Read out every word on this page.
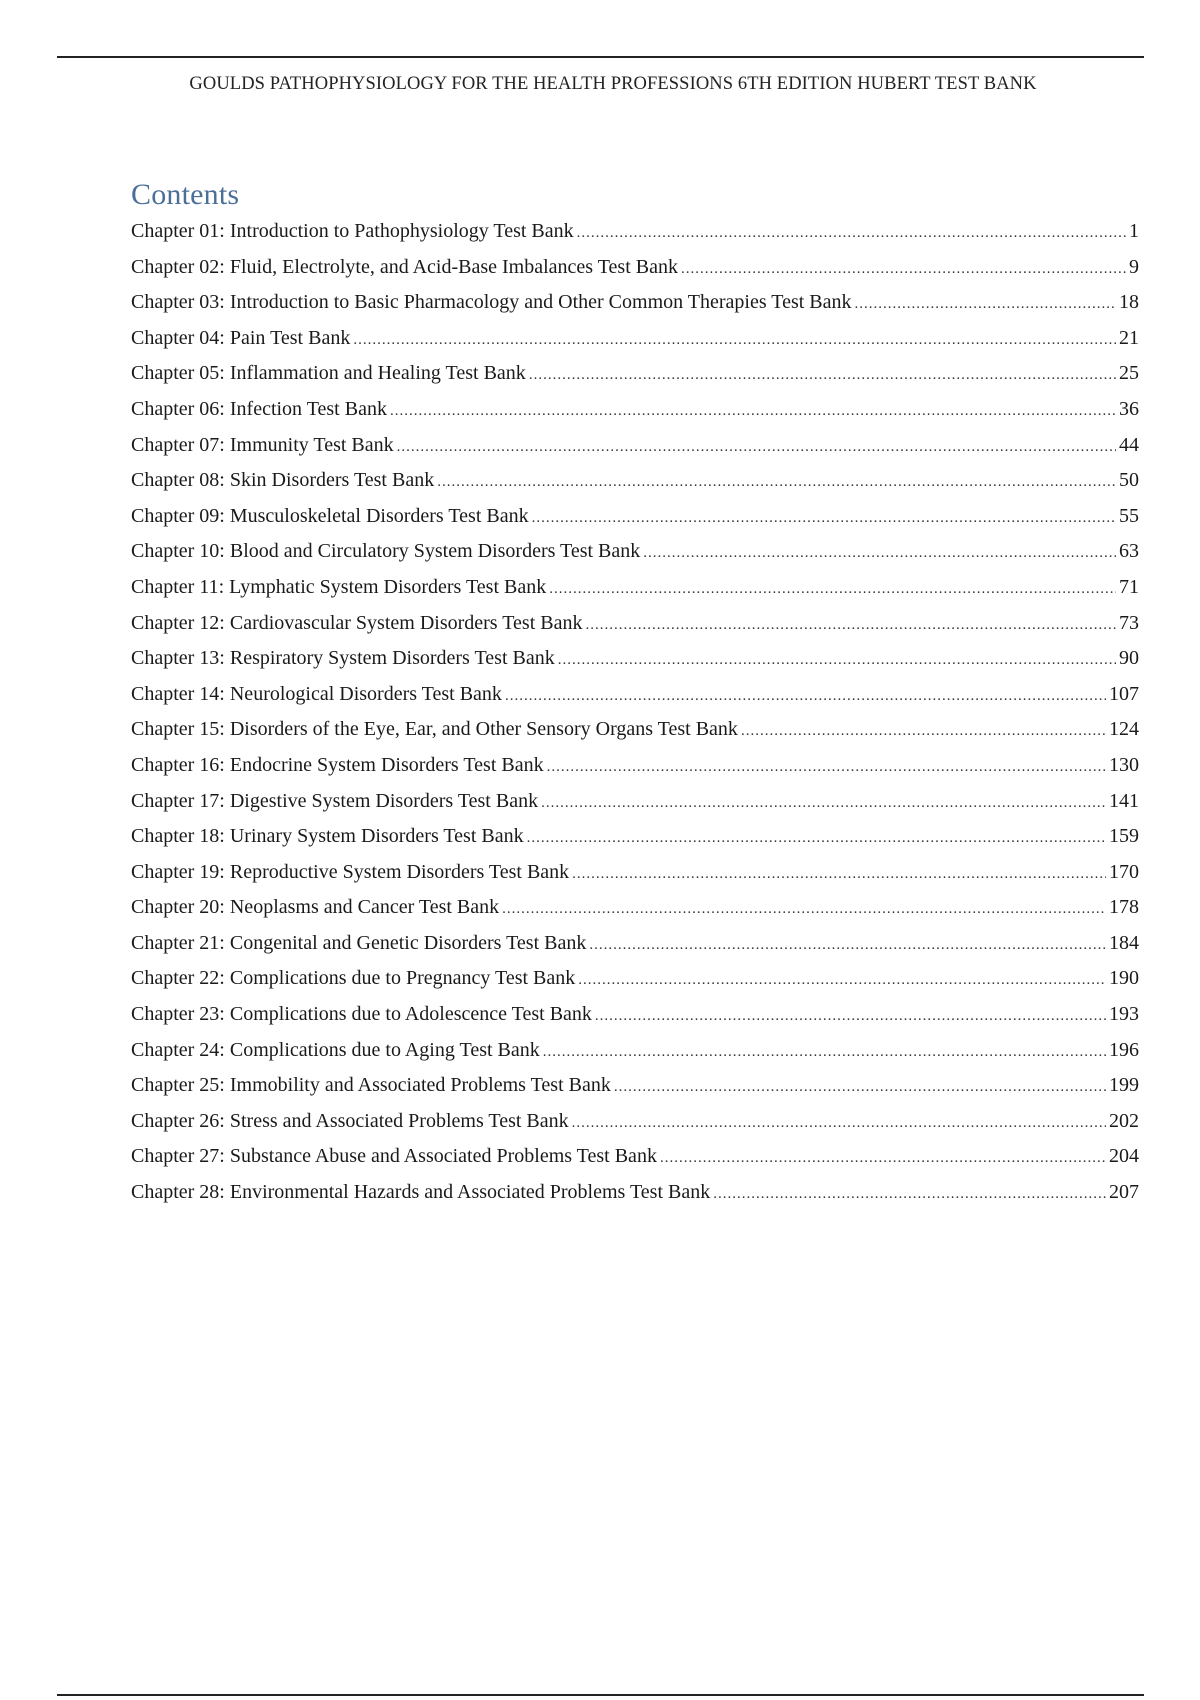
GOULDS PATHOPHYSIOLOGY FOR THE HEALTH PROFESSIONS 6TH EDITION HUBERT TEST BANK
Contents
Chapter 01: Introduction to Pathophysiology Test Bank .....	1
Chapter 02: Fluid, Electrolyte, and Acid-Base Imbalances Test Bank .....	9
Chapter 03: Introduction to Basic Pharmacology and Other Common Therapies Test Bank .....	18
Chapter 04: Pain Test Bank .....	21
Chapter 05: Inflammation and Healing Test Bank .....	25
Chapter 06: Infection Test Bank .....	36
Chapter 07: Immunity Test Bank .....	44
Chapter 08: Skin Disorders Test Bank .....	50
Chapter 09: Musculoskeletal Disorders Test Bank .....	55
Chapter 10: Blood and Circulatory System Disorders Test Bank .....	63
Chapter 11: Lymphatic System Disorders Test Bank .....	71
Chapter 12: Cardiovascular System Disorders Test Bank .....	73
Chapter 13: Respiratory System Disorders Test Bank .....	90
Chapter 14: Neurological Disorders Test Bank .....	107
Chapter 15: Disorders of the Eye, Ear, and Other Sensory Organs Test Bank .....	124
Chapter 16: Endocrine System Disorders Test Bank .....	130
Chapter 17: Digestive System Disorders Test Bank .....	141
Chapter 18: Urinary System Disorders Test Bank .....	159
Chapter 19: Reproductive System Disorders Test Bank .....	170
Chapter 20: Neoplasms and Cancer Test Bank .....	178
Chapter 21: Congenital and Genetic Disorders Test Bank .....	184
Chapter 22: Complications due to Pregnancy Test Bank .....	190
Chapter 23: Complications due to Adolescence Test Bank .....	193
Chapter 24: Complications due to Aging Test Bank .....	196
Chapter 25: Immobility and Associated Problems Test Bank .....	199
Chapter 26: Stress and Associated Problems Test Bank .....	202
Chapter 27: Substance Abuse and Associated Problems Test Bank .....	204
Chapter 28: Environmental Hazards and Associated Problems Test Bank .....	207
